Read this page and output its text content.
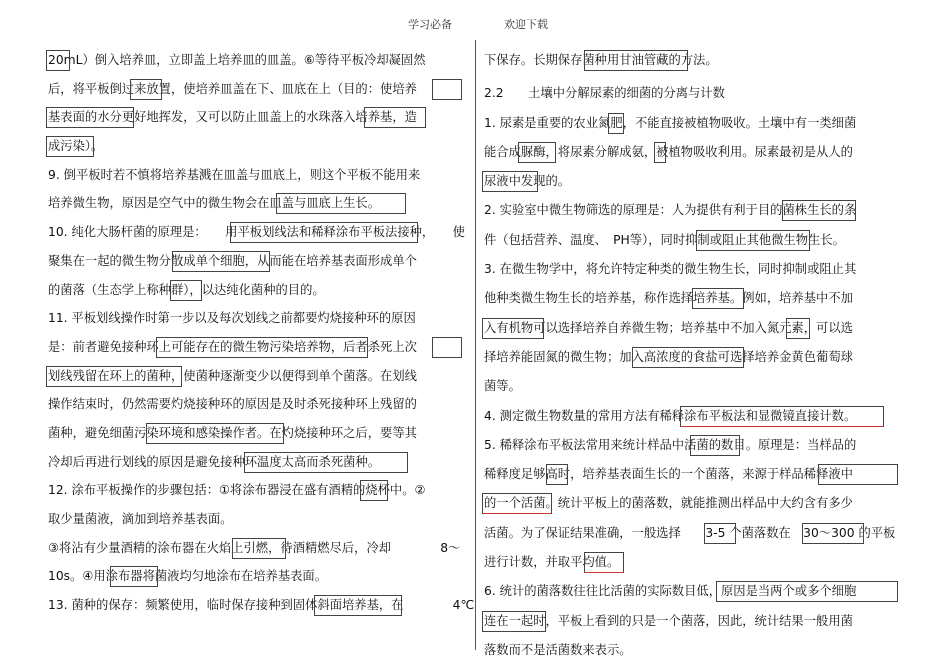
学习必备	欢迎下载
20mL）倒入培养皿，立即盖上培养皿的皿盖。⑥等待平板冷却凝固然
后，将平板倒过来放置，使培养皿盖在下、皿底在上（目的：使培养
基表面的水分更好地挥发，又可以防止皿盖上的水珠落入培养基，造
成污染）。
9. 倒平板时若不慎将培养基溅在皿盖与皿底上，则这个平板不能用来
培养微生物，原因是空气中的微生物会在皿盖与皿底上生长。
10. 纯化大肠杆菌的原理是：　　用平板划线法和稀释涂布平板法接种，　　使
聚集在一起的微生物分散成单个细胞，从而能在培养基表面形成单个
的菌落（生态学上称种群），以达纯化菌种的目的。
11. 平板划线操作时第一步以及每次划线之前都要灼烧接种环的原因
是：前者避免接种环上可能存在的微生物污染培养物，后者杀死上次
划线残留在环上的菌种，使菌种逐渐变少以便得到单个菌落。在划线
操作结束时，仍然需要灼烧接种环的原因是及时杀死接种环上残留的
菌种，避免细菌污染环境和感染操作者。在灼烧接种环之后，要等其
冷却后再进行划线的原因是避免接种环温度太高而杀死菌种。
12. 涂布平板操作的步骤包括：①将涂布器浸在盛有酒精的烧杯中。②
取少量菌液，滴加到培养基表面。
③将沾有少量酒精的涂布器在火焰上引燃，待酒精燃尽后，冷却　　　　8～
10s。④用涂布器将菌液均匀地涂布在培养基表面。
13. 菌种的保存：频繁使用，临时保存接种到固体斜面培养基，在　　　　4℃
下保存。长期保存菌种用甘油管藏的方法。
2.2　　土壤中分解尿素的细菌的分离与计数
1. 尿素是重要的农业氮肥，不能直接被植物吸收。土壤中有一类细菌
能合成脲酶，将尿素分解成氨，被植物吸收利用。尿素最初是从人的
尿液中发现的。
2. 实验室中微生物筛选的原理是：人为提供有利于目的菌株生长的条
件（包括营养、温度、　PH等），同时抑制或阻止其他微生物生长。
3. 在微生物学中，将允许特定种类的微生物生长，同时抑制或阻止其
他种类微生物生长的培养基，称作选择培养基。例如，培养基中不加
入有机物可以选择培养自养微生物；培养基中不加入氮元素，可以选
择培养能固氮的微生物；加入高浓度的食盐可选择培养金黄色葡萄球
菌等。
4. 测定微生物数量的常用方法有稀释涂布平板法和显微镜直接计数。
5. 稀释涂布平板法常用来统计样品中活菌的数目。原理是：当样品的
稀释度足够高时，培养基表面生长的一个菌落，来源于样品稀释液中
的一个活菌。统计平板上的菌落数，就能推测出样品中大约含有多少
活菌。为了保证结果准确，一般选择　　3-5 个菌落数在　30～300 的平板
进行计数，并取平均值。
6. 统计的菌落数往往比活菌的实际数目低，原因是当两个或多个细胞
连在一起时，平板上看到的只是一个菌落，因此，统计结果一般用菌
落数而不是活菌数来表示。
